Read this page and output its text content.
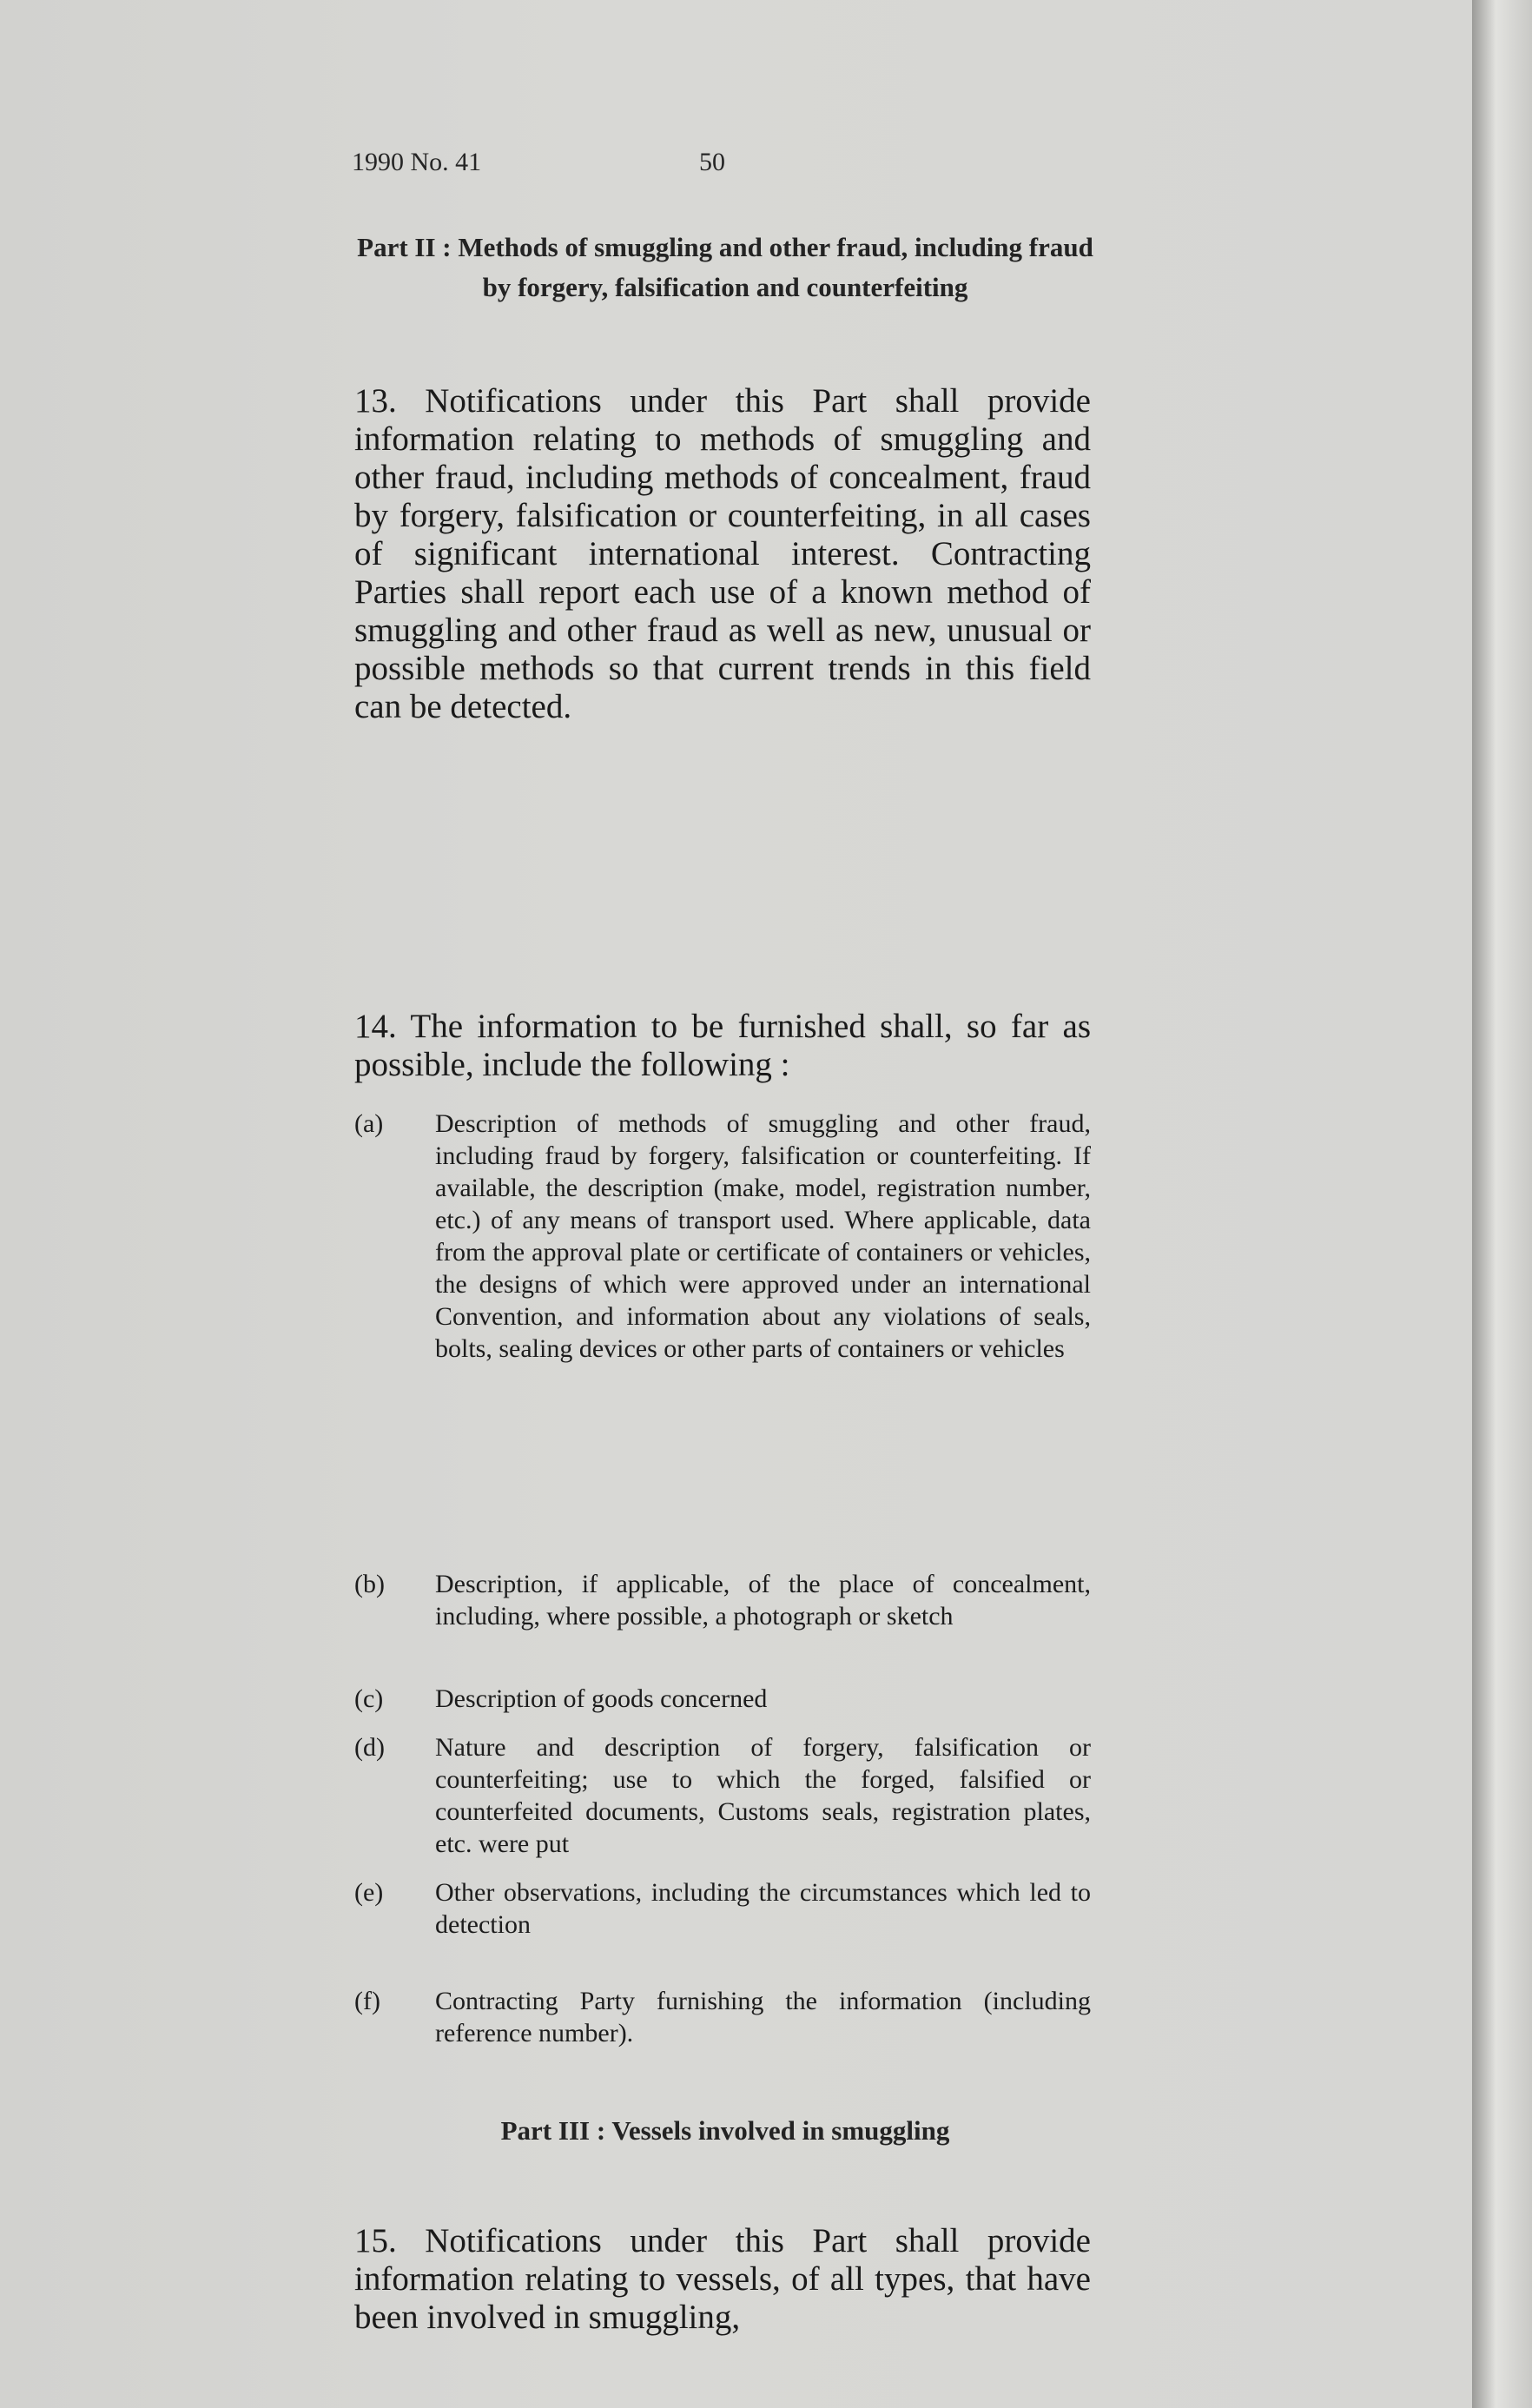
1990 No. 41	50
Part II : Methods of smuggling and other fraud, including fraud by forgery, falsification and counterfeiting
13. Notifications under this Part shall provide information relating to methods of smuggling and other fraud, including methods of concealment, fraud by forgery, falsification or counterfeiting, in all cases of significant international interest. Contracting Parties shall report each use of a known method of smuggling and other fraud as well as new, unusual or possible methods so that current trends in this field can be detected.
14. The information to be furnished shall, so far as possible, include the following :
(a)	Description of methods of smuggling and other fraud, including fraud by forgery, falsification or counterfeiting. If available, the description (make, model, registration number, etc.) of any means of transport used. Where applicable, data from the approval plate or certificate of containers or vehicles, the designs of which were approved under an international Convention, and information about any violations of seals, bolts, sealing devices or other parts of containers or vehicles
(b)	Description, if applicable, of the place of concealment, including, where possible, a photograph or sketch
(c)	Description of goods concerned
(d)	Nature and description of forgery, falsification or counterfeiting; use to which the forged, falsified or counterfeited documents, Customs seals, registration plates, etc. were put
(e)	Other observations, including the circumstances which led to detection
(f)	Contracting Party furnishing the information (including reference number).
Part III : Vessels involved in smuggling
15. Notifications under this Part shall provide information relating to vessels, of all types, that have been involved in smuggling,
